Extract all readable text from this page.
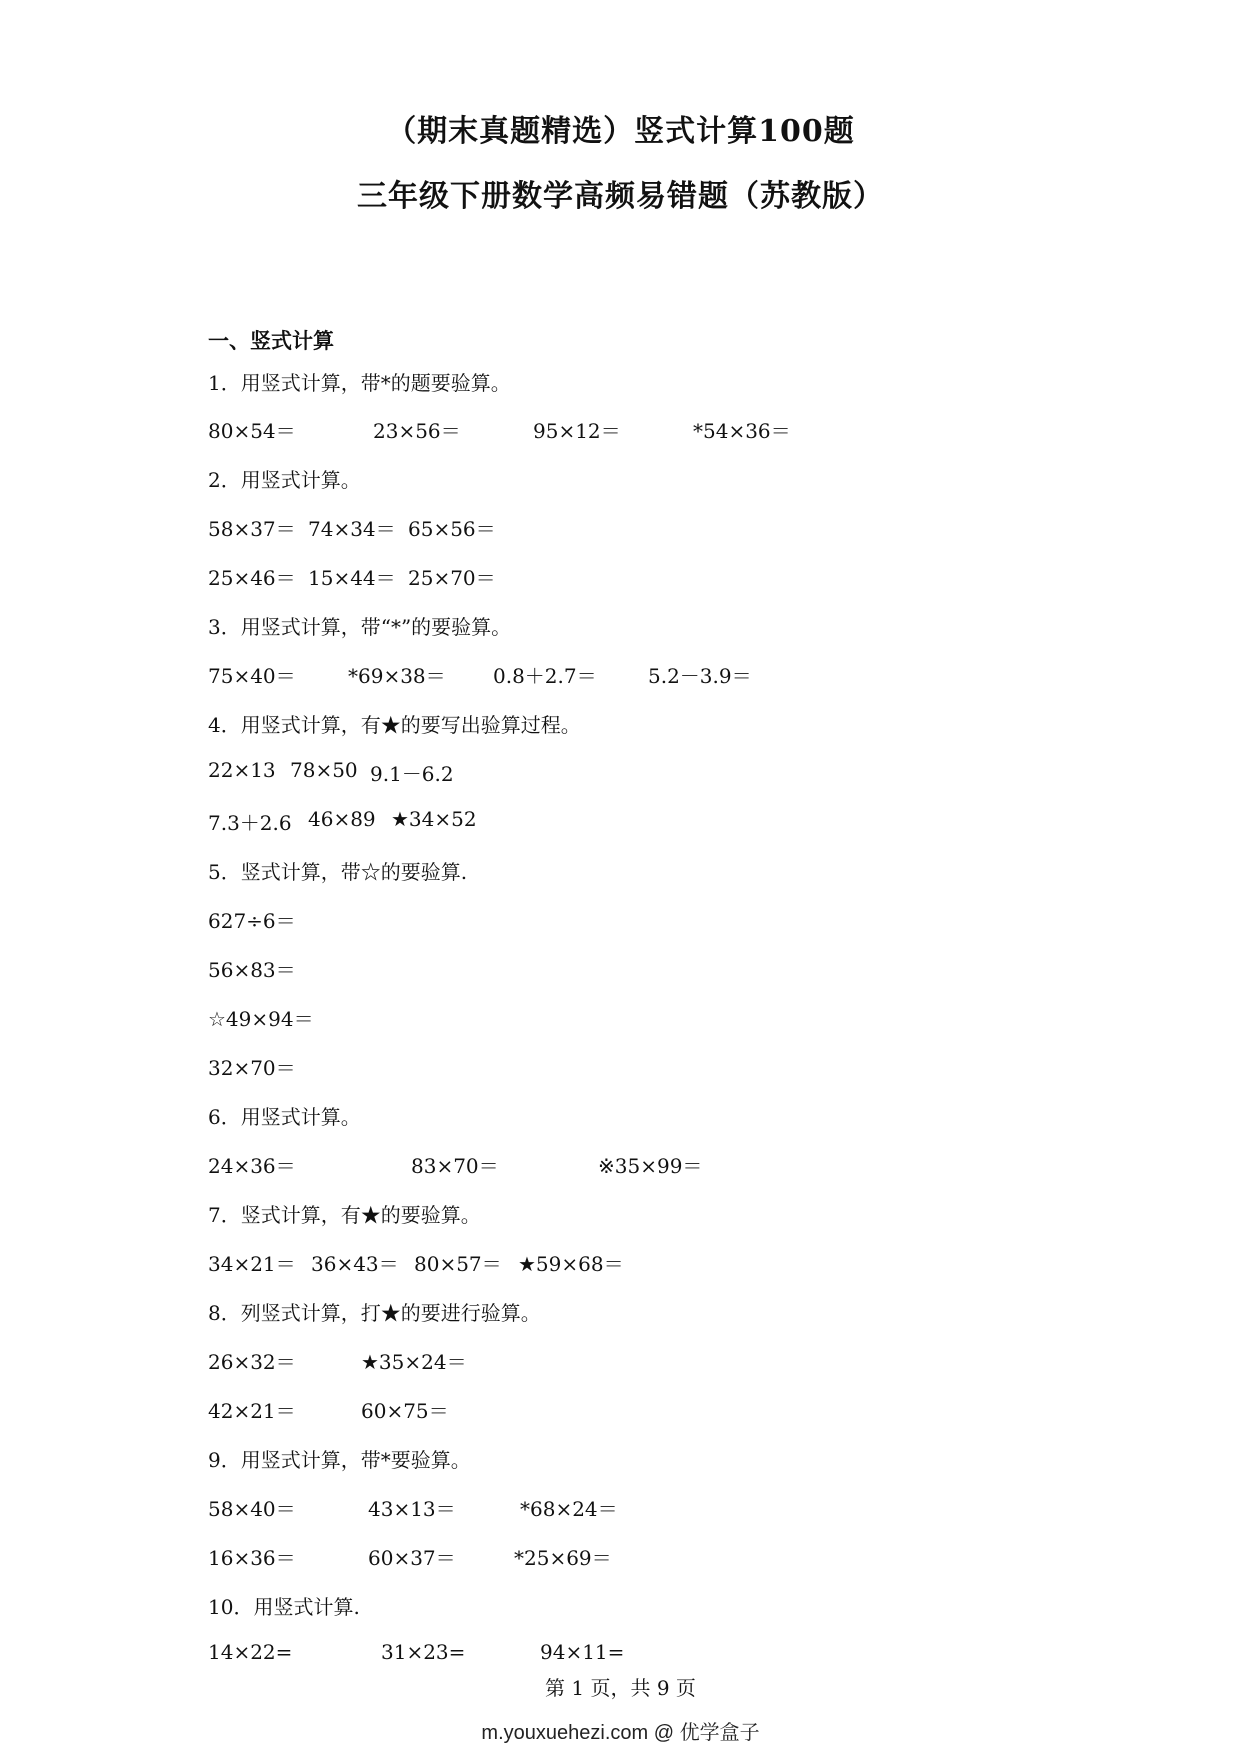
（期末真题精选）竖式计算100题
三年级下册数学高频易错题（苏教版）
一、竖式计算
1．用竖式计算，带*的题要验算。
80×54＝	23×56＝	95×12＝	*54×36＝
2．用竖式计算。
58×37＝ 74×34＝ 65×56＝
25×46＝ 15×44＝ 25×70＝
3．用竖式计算，带“*”的要验算。
75×40＝	*69×38＝ 0.8＋2.7＝	5.2－3.9＝
4．用竖式计算，有★的要写出验算过程。
22×13 78×50 9.1－6.2
7.3＋2.6 46×89 ★34×52
5．竖式计算，带☆的要验算.
627÷6＝
56×83＝
☆49×94＝
32×70＝
6．用竖式计算。
24×36＝	83×70＝	※35×99＝
7．竖式计算，有★的要验算。
34×21＝ 36×43＝ 80×57＝ ★59×68＝
8．列竖式计算，打★的要进行验算。
26×32＝	★35×24＝
42×21＝	60×75＝
9．用竖式计算，带*要验算。
58×40＝	43×13＝	*68×24＝
16×36＝	60×37＝	*25×69＝
10．用竖式计算.
14×22=	31×23=	94×11=
第 1 页，共 9 页
m.youxuehezi.com @ 优学盒子
